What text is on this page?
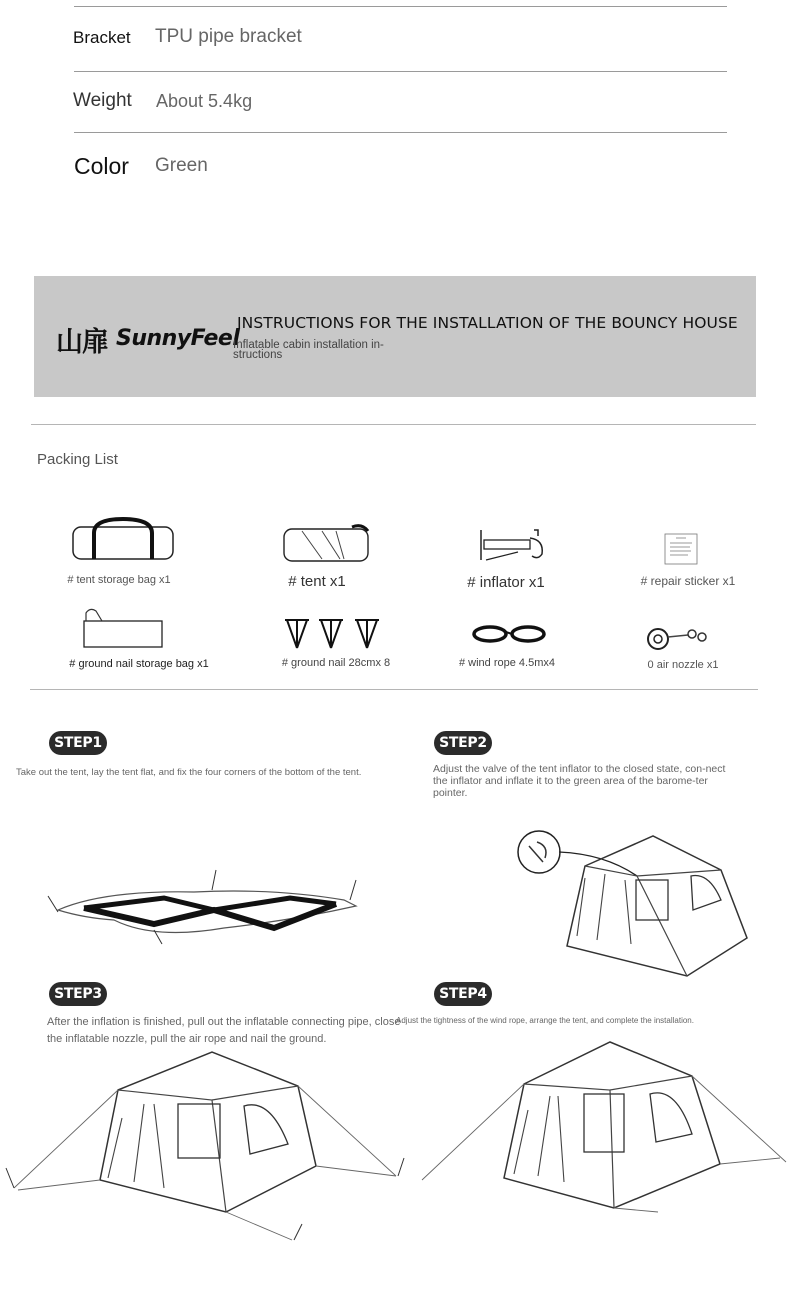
Bracket TPU pipe bracket
Weight About 5.4kg
Color Green
山扉 SunnyFeel
INSTRUCTIONS FOR THE INSTALLATION OF THE BOUNCY HOUSE
Inflatable cabin installation in-structions
Packing List
# tent storage bag x1	# tent x1	# inflator x1	# repair sticker x1
# ground nail storage bag x1	# ground nail 28cmx 8	# wind rope 4.5mx4	0 air nozzle x1
STEP1
Take out the tent, lay the tent flat, and fix the four corners of the bottom of the tent.
STEP2
Adjust the valve of the tent inflator to the closed state, con-nect the inflator and inflate it to the green area of the barome-ter pointer.
STEP3
After the inflation is finished, pull out the inflatable connecting pipe, close the inflatable nozzle, pull the air rope and nail the ground.
STEP4
Adjust the tightness of the wind rope, arrange the tent, and complete the installation.
